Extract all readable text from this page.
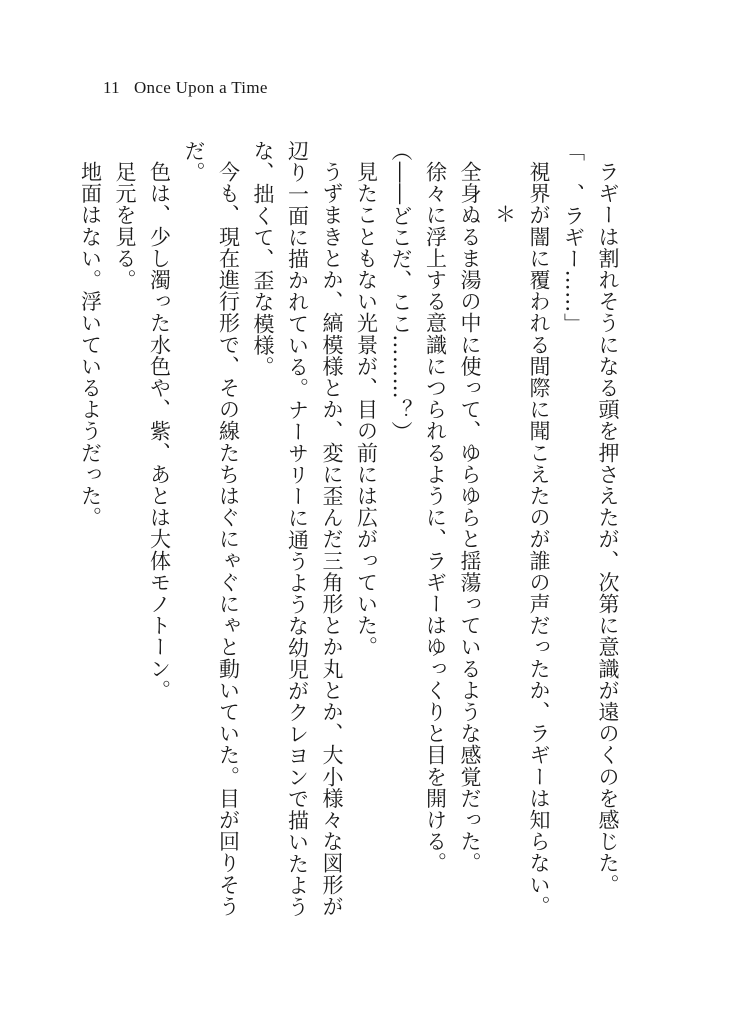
11 Once Upon a Time

ラギーは割れそうになる頭を押さえたが、次第に意識が遠のくのを感じた。

「　、ラギー……」

視界が闇に覆われる間際に聞こえたのが誰の声だったか、ラギーは知らない。

＊

全身ぬるま湯の中に使って、ゆらゆらと揺蕩っているような感覚だった。

徐々に浮上する意識につられるように、ラギーはゆっくりと目を開ける。

（――どこだ、ここ………？）

見たこともない光景が、目の前には広がっていた。

うずまきとか、縞模様とか、変に歪んだ三角形とか丸とか、大小様々な図形が辺り一面に描かれている。ナーサリーに通うような幼児がクレヨンで描いたような、拙くて、歪な模様。

今も、現在進行形で、その線たちはぐにゃぐにゃと動いていた。目が回りそうだ。

色は、少し濁った水色や、紫、あとは大体モノトーン。

足元を見る。

地面はない。浮いているようだった。
